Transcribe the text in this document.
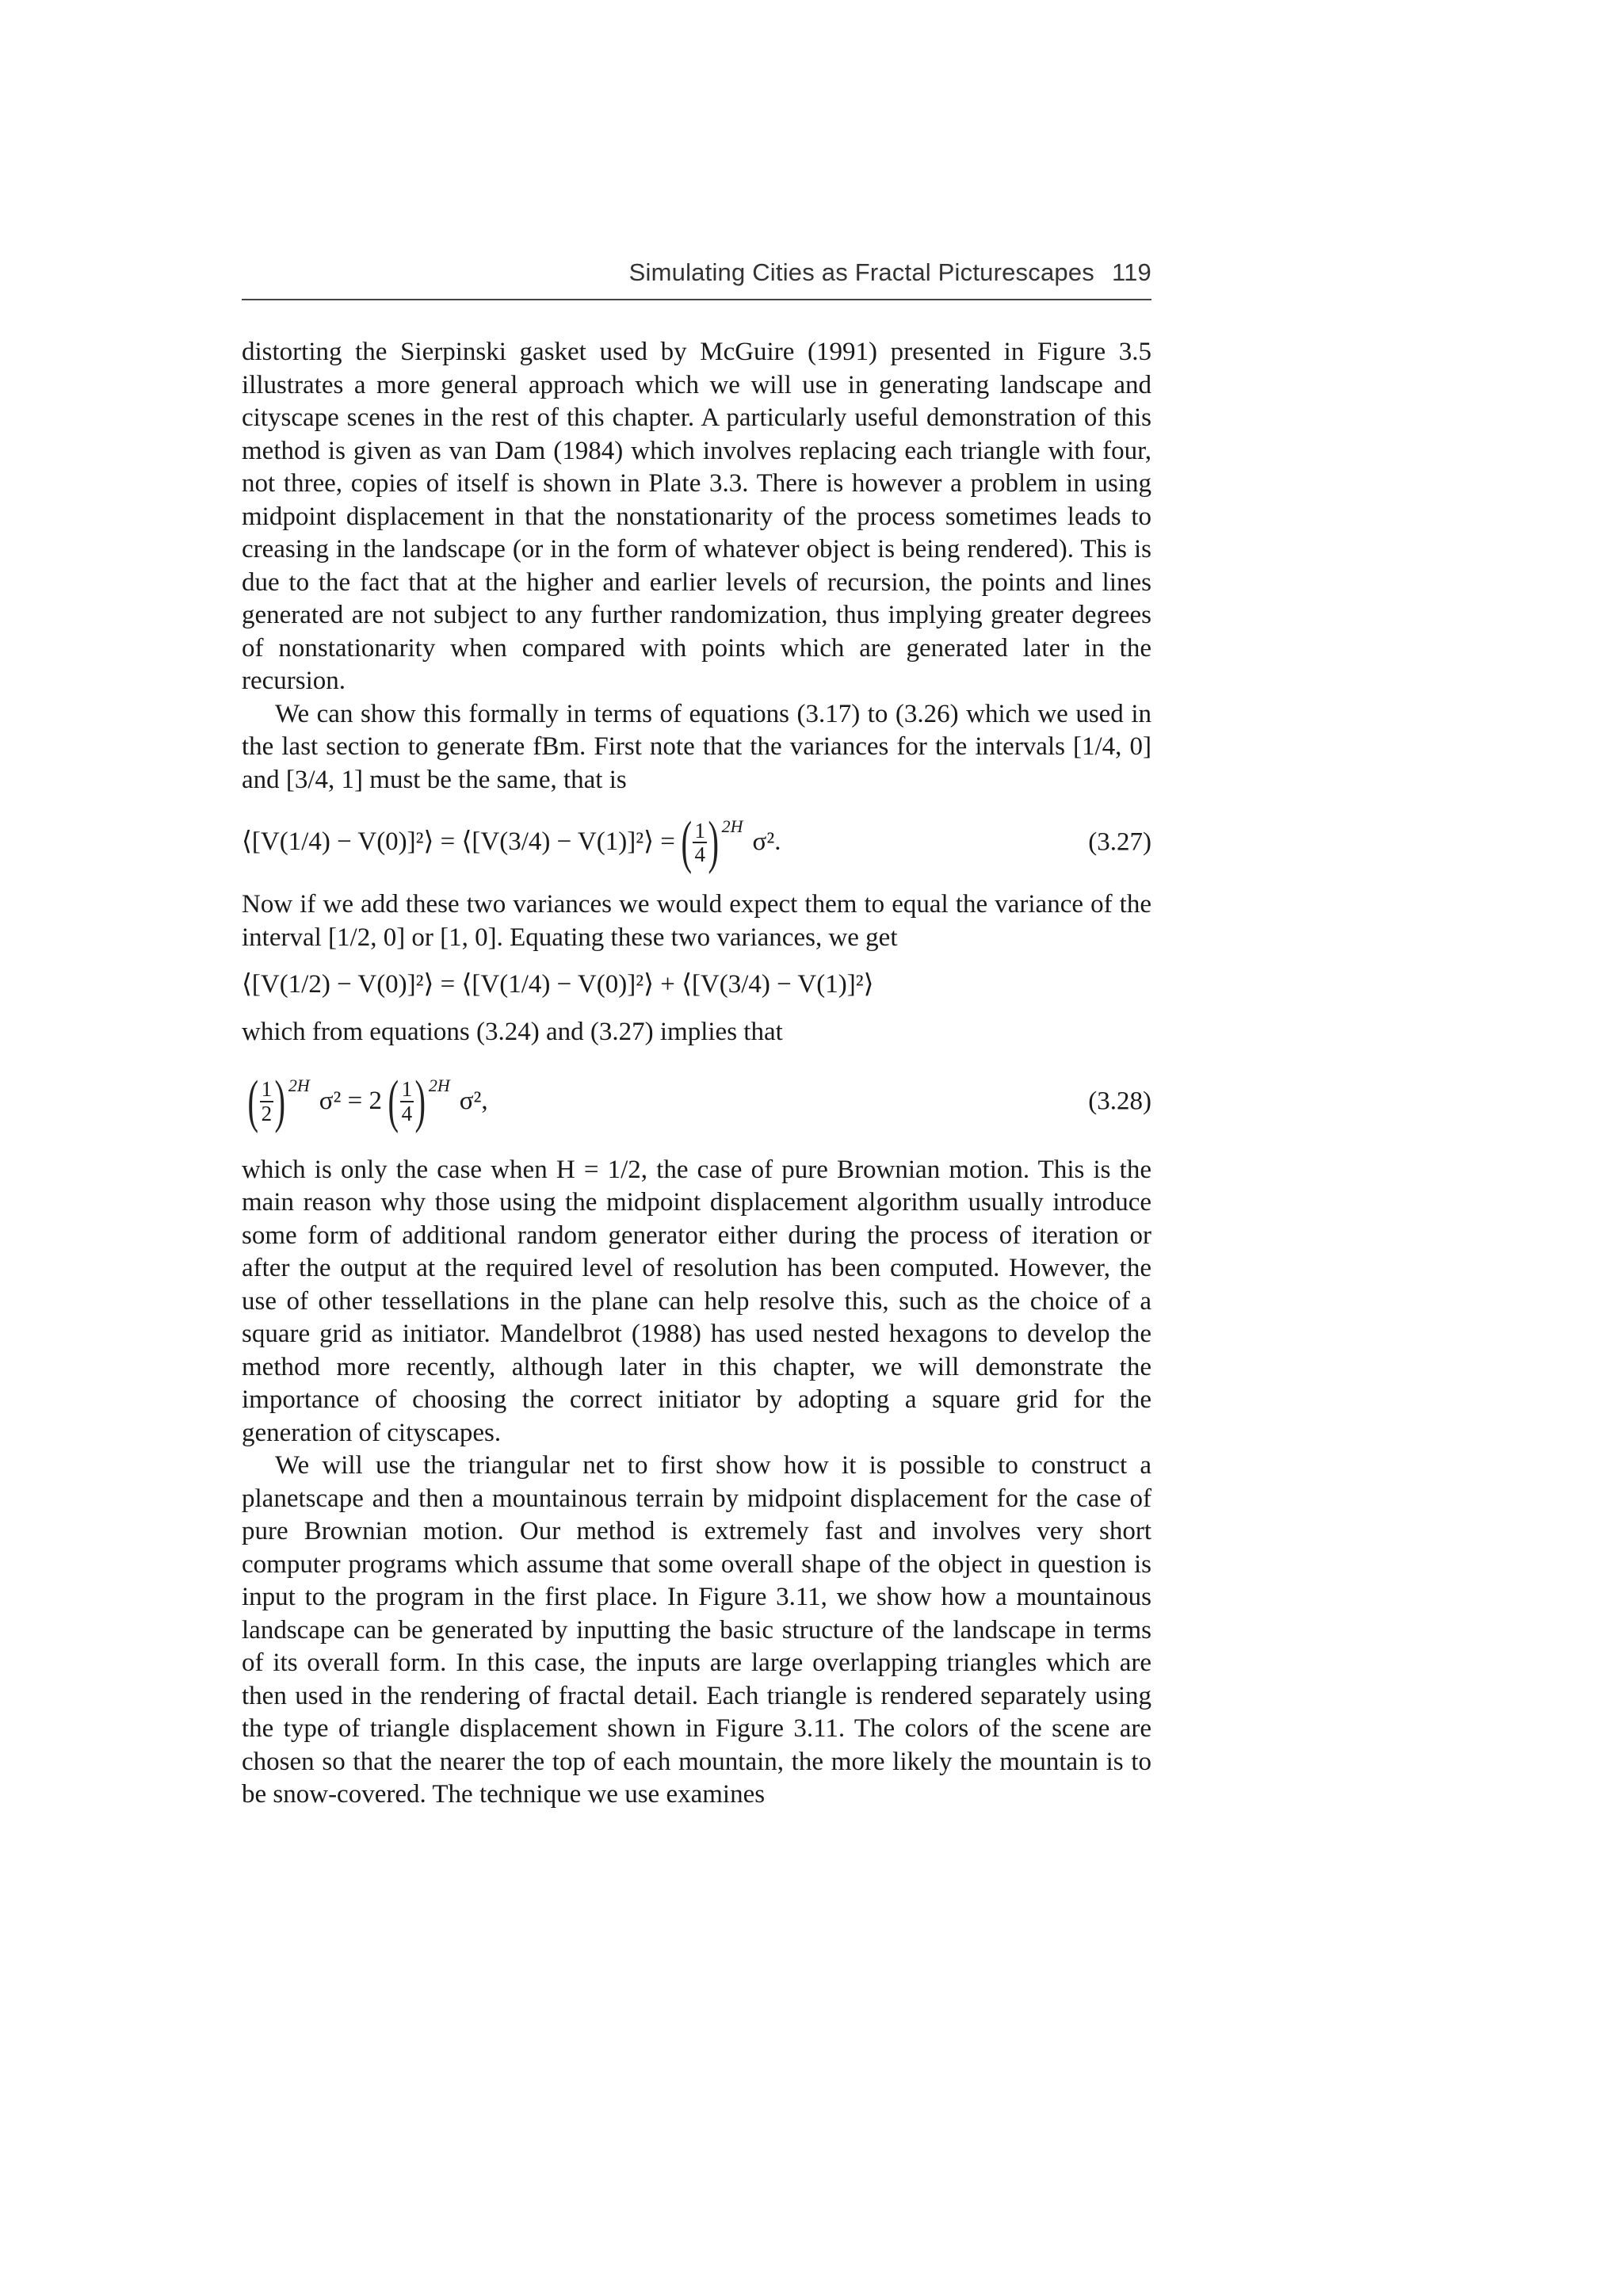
Simulating Cities as Fractal Picturescapes 119

distorting the Sierpinski gasket used by McGuire (1991) presented in Figure 3.5 illustrates a more general approach which we will use in generating landscape and cityscape scenes in the rest of this chapter. A particularly useful demonstration of this method is given as van Dam (1984) which involves replacing each triangle with four, not three, copies of itself is shown in Plate 3.3. There is however a problem in using midpoint displacement in that the nonstationarity of the process sometimes leads to creasing in the landscape (or in the form of whatever object is being rendered). This is due to the fact that at the higher and earlier levels of recursion, the points and lines generated are not subject to any further randomization, thus implying greater degrees of nonstationarity when compared with points which are generated later in the recursion.

We can show this formally in terms of equations (3.17) to (3.26) which we used in the last section to generate fBm. First note that the variances for the intervals [1/4, 0] and [3/4, 1] must be the same, that is

⟨[V(1/4) − V(0)]²⟩ = ⟨[V(3/4) − V(1)]²⟩ = ( $\frac{1}{4}$ ) 2H
σ².	(3.27)

Now if we add these two variances we would expect them to equal the variance of the interval [1/2, 0] or [1, 0]. Equating these two variances, we get

⟨[V(1/2) − V(0)]²⟩ = ⟨[V(1/4) − V(0)]²⟩ + ⟨[V(3/4) − V(1)]²⟩

which from equations (3.24) and (3.27) implies that

( $\frac{1}{2}$ ) 2H
σ² = 2 ( $\frac{1}{4}$ ) 2H
σ²,	(3.28)

which is only the case when H = 1/2, the case of pure Brownian motion. This is the main reason why those using the midpoint displacement algorithm usually introduce some form of additional random generator either during the process of iteration or after the output at the required level of resolution has been computed. However, the use of other tessellations in the plane can help resolve this, such as the choice of a square grid as initiator. Mandelbrot (1988) has used nested hexagons to develop the method more recently, although later in this chapter, we will demonstrate the importance of choosing the correct initiator by adopting a square grid for the generation of cityscapes.

We will use the triangular net to first show how it is possible to construct a planetscape and then a mountainous terrain by midpoint displacement for the case of pure Brownian motion. Our method is extremely fast and involves very short computer programs which assume that some overall shape of the object in question is input to the program in the first place. In Figure 3.11, we show how a mountainous landscape can be generated by inputting the basic structure of the landscape in terms of its overall form. In this case, the inputs are large overlapping triangles which are then used in the rendering of fractal detail. Each triangle is rendered separately using the type of triangle displacement shown in Figure 3.11. The colors of the scene are chosen so that the nearer the top of each mountain, the more likely the mountain is to be snow-covered. The technique we use examines
